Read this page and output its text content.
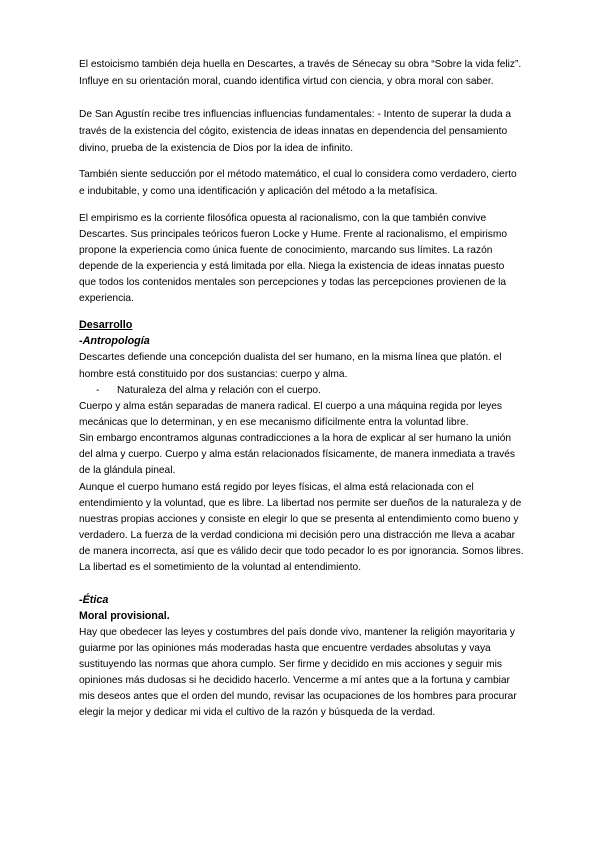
El estoicismo también deja huella en Descartes, a través de Sénecay su obra “Sobre la vida feliz”.

Influye en su orientación moral, cuando identifica virtud con ciencia, y obra moral con saber.

De San Agustín recibe tres influencias influencias fundamentales: - Intento de superar la duda a

través de la existencia del cógito, existencia de ideas innatas en dependencia del pensamiento

divino, prueba de la existencia de Dios por la idea de infinito.

También siente seducción por el método matemático, el cual lo considera como verdadero, cierto

e indubitable, y como una identificación y aplicación del método a la metafísica.

El empirismo es la corriente filosófica opuesta al racionalismo, con la que también convive

Descartes. Sus principales teóricos fueron Locke y Hume. Frente al racionalismo, el empirismo

propone la experiencia como única fuente de conocimiento, marcando sus límites. La razón

depende de la experiencia y está limitada por ella. Niega la existencia de ideas innatas puesto

que todos los contenidos mentales son percepciones y todas las percepciones provienen de la

experiencia.

Desarrollo

-Antropología

Descartes defiende una concepción dualista del ser humano, en la misma línea que platón. el

hombre está constituido por dos sustancias: cuerpo y alma.

- Naturaleza del alma y relación con el cuerpo.

Cuerpo y alma están separadas de manera radical. El cuerpo a una máquina regida por leyes

mecánicas que lo determinan, y en ese mecanismo difícilmente entra la voluntad libre.

Sin embargo encontramos algunas contradicciones a la hora de explicar al ser humano la unión

del alma y cuerpo. Cuerpo y alma están relacionados físicamente, de manera inmediata a través

de la glándula pineal.

Aunque el cuerpo humano está regido por leyes físicas, el alma está relacionada con el

entendimiento y la voluntad, que es libre. La libertad nos permite ser dueños de la naturaleza y de

nuestras propias acciones y consiste en elegir lo que se presenta al entendimiento como bueno y

verdadero. La fuerza de la verdad condiciona mi decisión pero una distracción me lleva a acabar

de manera incorrecta, así que es válido decir que todo pecador lo es por ignorancia. Somos libres.

La libertad es el sometimiento de la voluntad al entendimiento.

-Ética

Moral provisional.

Hay que obedecer las leyes y costumbres del país donde vivo, mantener la religión mayoritaria y

guiarme por las opiniones más moderadas hasta que encuentre verdades absolutas y vaya

sustituyendo las normas que ahora cumplo. Ser firme y decidido en mis acciones y seguir mis

opiniones más dudosas si he decidido hacerlo. Vencerme a mí antes que a la fortuna y cambiar

mis deseos antes que el orden del mundo, revisar las ocupaciones de los hombres para procurar

elegir la mejor y dedicar mi vida el cultivo de la razón y búsqueda de la verdad.
